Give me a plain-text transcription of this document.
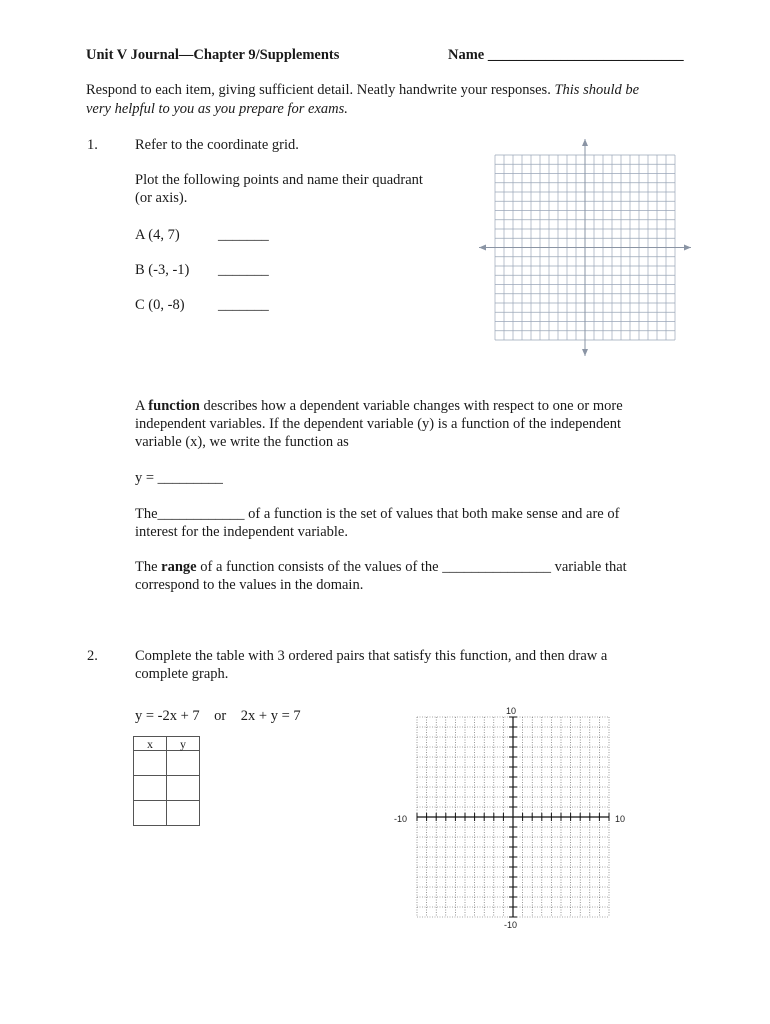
Unit V Journal—Chapter 9/Supplements	Name ___________________________
Respond to each item, giving sufficient detail. Neatly handwrite your responses. This should be
very helpful to you as you prepare for exams.
1.	Refer to the coordinate grid.
Plot the following points and name their quadrant
(or axis).
A (4, 7)	_______
B (-3, -1) _______
C (0, -8) _______
A function describes how a dependent variable changes with respect to one or more
independent variables. If the dependent variable (y) is a function of the independent
variable (x), we write the function as
y = _________
The____________ of a function is the set of values that both make sense and are of
interest for the independent variable.
The range of a function consists of the values of the _______________ variable that
correspond to the values in the domain.
2.	Complete the table with 3 ordered pairs that satisfy this function, and then draw a
complete graph.
y = -2x + 7    or    2x + y = 7
x	y

10
-10
-10	10
